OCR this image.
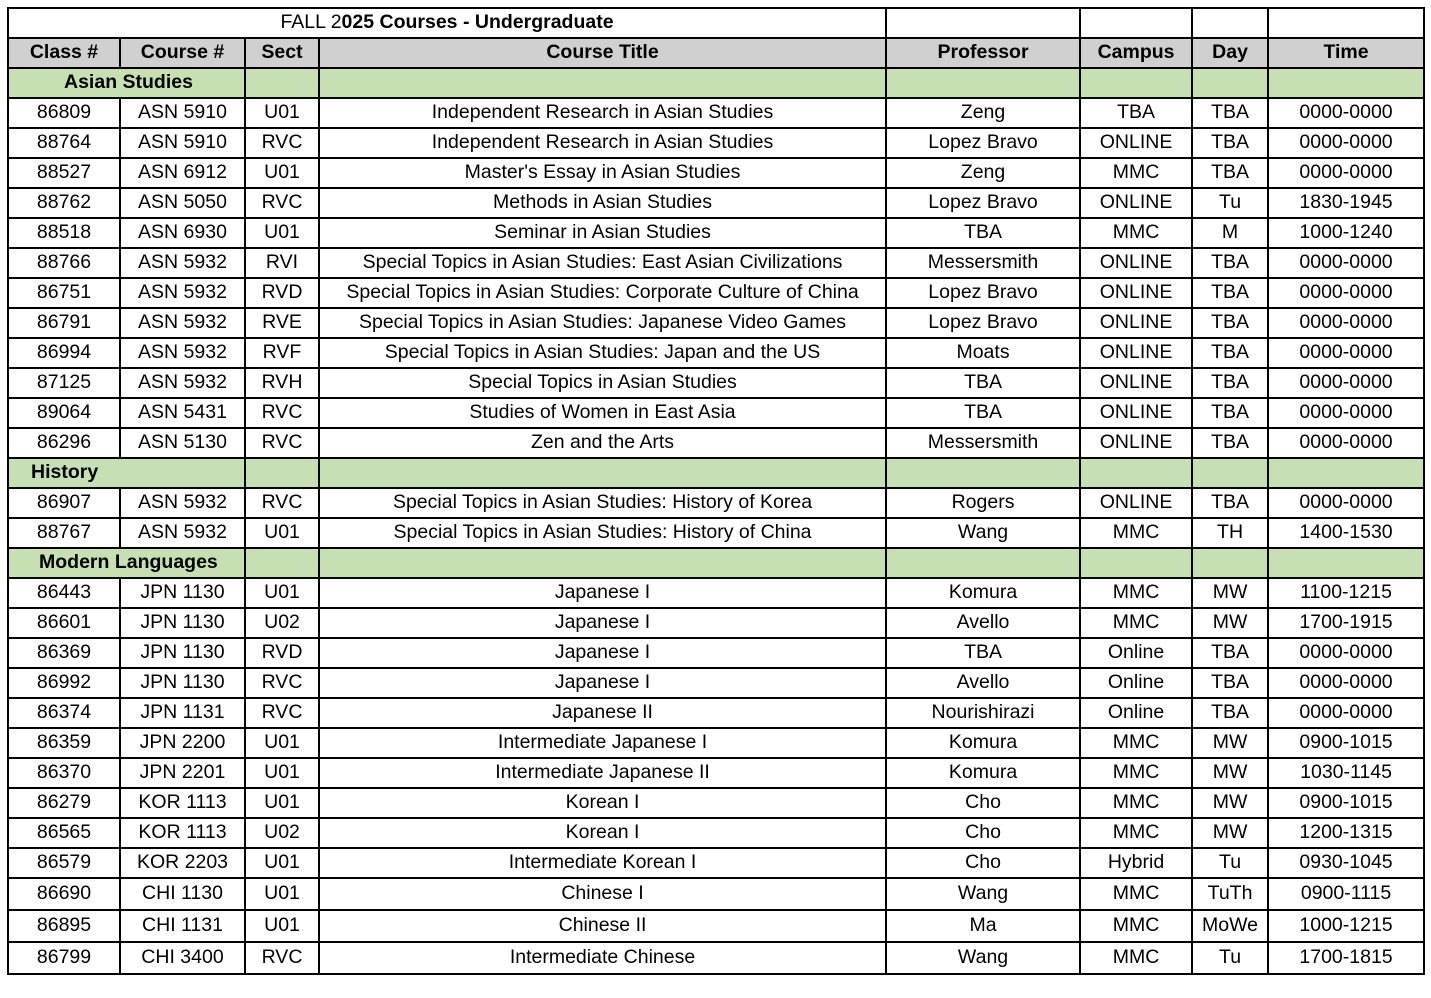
FALL 2025 Courses - Undergraduate							
Class #	Course #	Sect	Course Title	Professor	Campus	Day	Time
Asian Studies							
86809	ASN 5910	U01	Independent Research in Asian Studies	Zeng	TBA	TBA	0000-0000
88764	ASN 5910	RVC	Independent Research in Asian Studies	Lopez Bravo	ONLINE	TBA	0000-0000
88527	ASN 6912	U01	Master's Essay in Asian Studies	Zeng	MMC	TBA	0000-0000
88762	ASN 5050	RVC	Methods in Asian Studies	Lopez Bravo	ONLINE	Tu	1830-1945
88518	ASN 6930	U01	Seminar in Asian Studies	TBA	MMC	M	1000-1240
88766	ASN 5932	RVI	Special Topics in Asian Studies: East Asian Civilizations	Messersmith	ONLINE	TBA	0000-0000
86751	ASN 5932	RVD	Special Topics in Asian Studies: Corporate Culture of China	Lopez Bravo	ONLINE	TBA	0000-0000
86791	ASN 5932	RVE	Special Topics in Asian Studies: Japanese Video Games	Lopez Bravo	ONLINE	TBA	0000-0000
86994	ASN 5932	RVF	Special Topics in Asian Studies: Japan and the US	Moats	ONLINE	TBA	0000-0000
87125	ASN 5932	RVH	Special Topics in Asian Studies	TBA	ONLINE	TBA	0000-0000
89064	ASN 5431	RVC	Studies of Women in East Asia	TBA	ONLINE	TBA	0000-0000
86296	ASN 5130	RVC	Zen and the Arts	Messersmith	ONLINE	TBA	0000-0000
History							
86907	ASN 5932	RVC	Special Topics in Asian Studies: History of Korea	Rogers	ONLINE	TBA	0000-0000
88767	ASN 5932	U01	Special Topics in Asian Studies: History of China	Wang	MMC	TH	1400-1530
Modern Languages							
86443	JPN 1130	U01	Japanese I	Komura	MMC	MW	1100-1215
86601	JPN 1130	U02	Japanese I	Avello	MMC	MW	1700-1915
86369	JPN 1130	RVD	Japanese I	TBA	Online	TBA	0000-0000
86992	JPN 1130	RVC	Japanese I	Avello	Online	TBA	0000-0000
86374	JPN 1131	RVC	Japanese II	Nourishirazi	Online	TBA	0000-0000
86359	JPN 2200	U01	Intermediate Japanese I	Komura	MMC	MW	0900-1015
86370	JPN 2201	U01	Intermediate Japanese II	Komura	MMC	MW	1030-1145
86279	KOR 1113	U01	Korean I	Cho	MMC	MW	0900-1015
86565	KOR 1113	U02	Korean I	Cho	MMC	MW	1200-1315
86579	KOR 2203	U01	Intermediate Korean I	Cho	Hybrid	Tu	0930-1045
86690	CHI 1130	U01	Chinese I	Wang	MMC	TuTh	0900-1115
86895	CHI 1131	U01	Chinese II	Ma	MMC	MoWe	1000-1215
86799	CHI 3400	RVC	Intermediate Chinese	Wang	MMC	Tu	1700-1815
